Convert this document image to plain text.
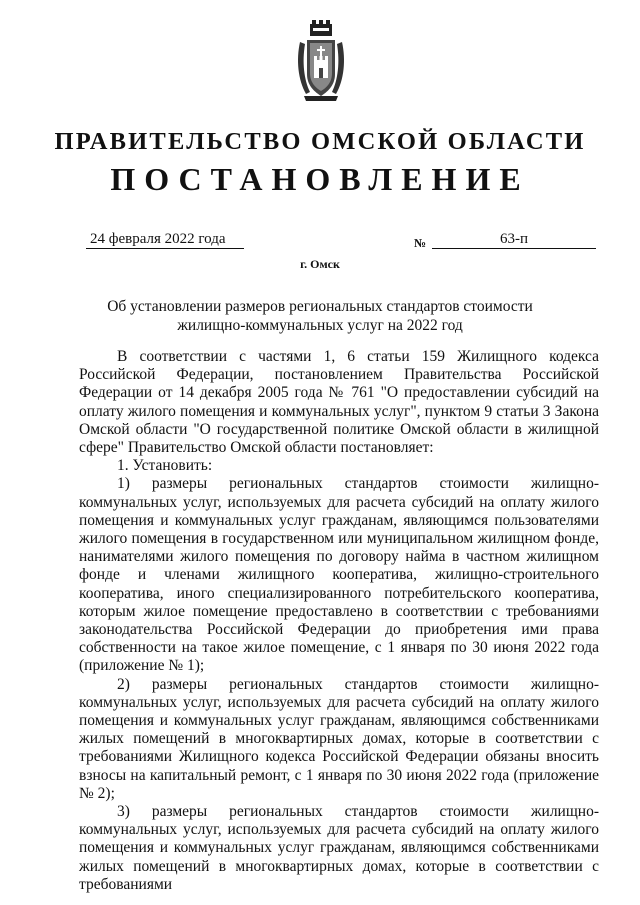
ПРАВИТЕЛЬСТВО ОМСКОЙ ОБЛАСТИ
ПОСТАНОВЛЕНИЕ
24 февраля 2022 года	№	63-п
г. Омск
Об установлении размеров региональных стандартов стоимости
жилищно-коммунальных услуг на 2022 год

В соответствии с частями 1, 6 статьи 159 Жилищного кодекса Российской Федерации, постановлением Правительства Российской Федерации от 14 декабря 2005 года № 761 "О предоставлении субсидий на оплату жилого помещения и коммунальных услуг", пунктом 9 статьи 3 Закона Омской области "О государственной политике Омской области в жилищной сфере" Правительство Омской области постановляет:

1. Установить:

1) размеры региональных стандартов стоимости жилищно-коммунальных услуг, используемых для расчета субсидий на оплату жилого помещения и коммунальных услуг гражданам, являющимся пользователями жилого помещения в государственном или муниципальном жилищном фонде, нанимателями жилого помещения по договору найма в частном жилищном фонде и членами жилищного кооператива, жилищно-строительного кооператива, иного специализированного потребительского кооператива, которым жилое помещение предоставлено в соответствии с требованиями законодательства Российской Федерации до приобретения ими права собственности на такое жилое помещение, с 1 января по 30 июня 2022 года (приложение № 1);

2) размеры региональных стандартов стоимости жилищно-коммунальных услуг, используемых для расчета субсидий на оплату жилого помещения и коммунальных услуг гражданам, являющимся собственниками жилых помещений в многоквартирных домах, которые в соответствии с требованиями Жилищного кодекса Российской Федерации обязаны вносить взносы на капитальный ремонт, с 1 января по 30 июня 2022 года (приложение № 2);

3) размеры региональных стандартов стоимости жилищно-коммунальных услуг, используемых для расчета субсидий на оплату жилого помещения и коммунальных услуг гражданам, являющимся собственниками жилых помещений в многоквартирных домах, которые в соответствии с требованиями
